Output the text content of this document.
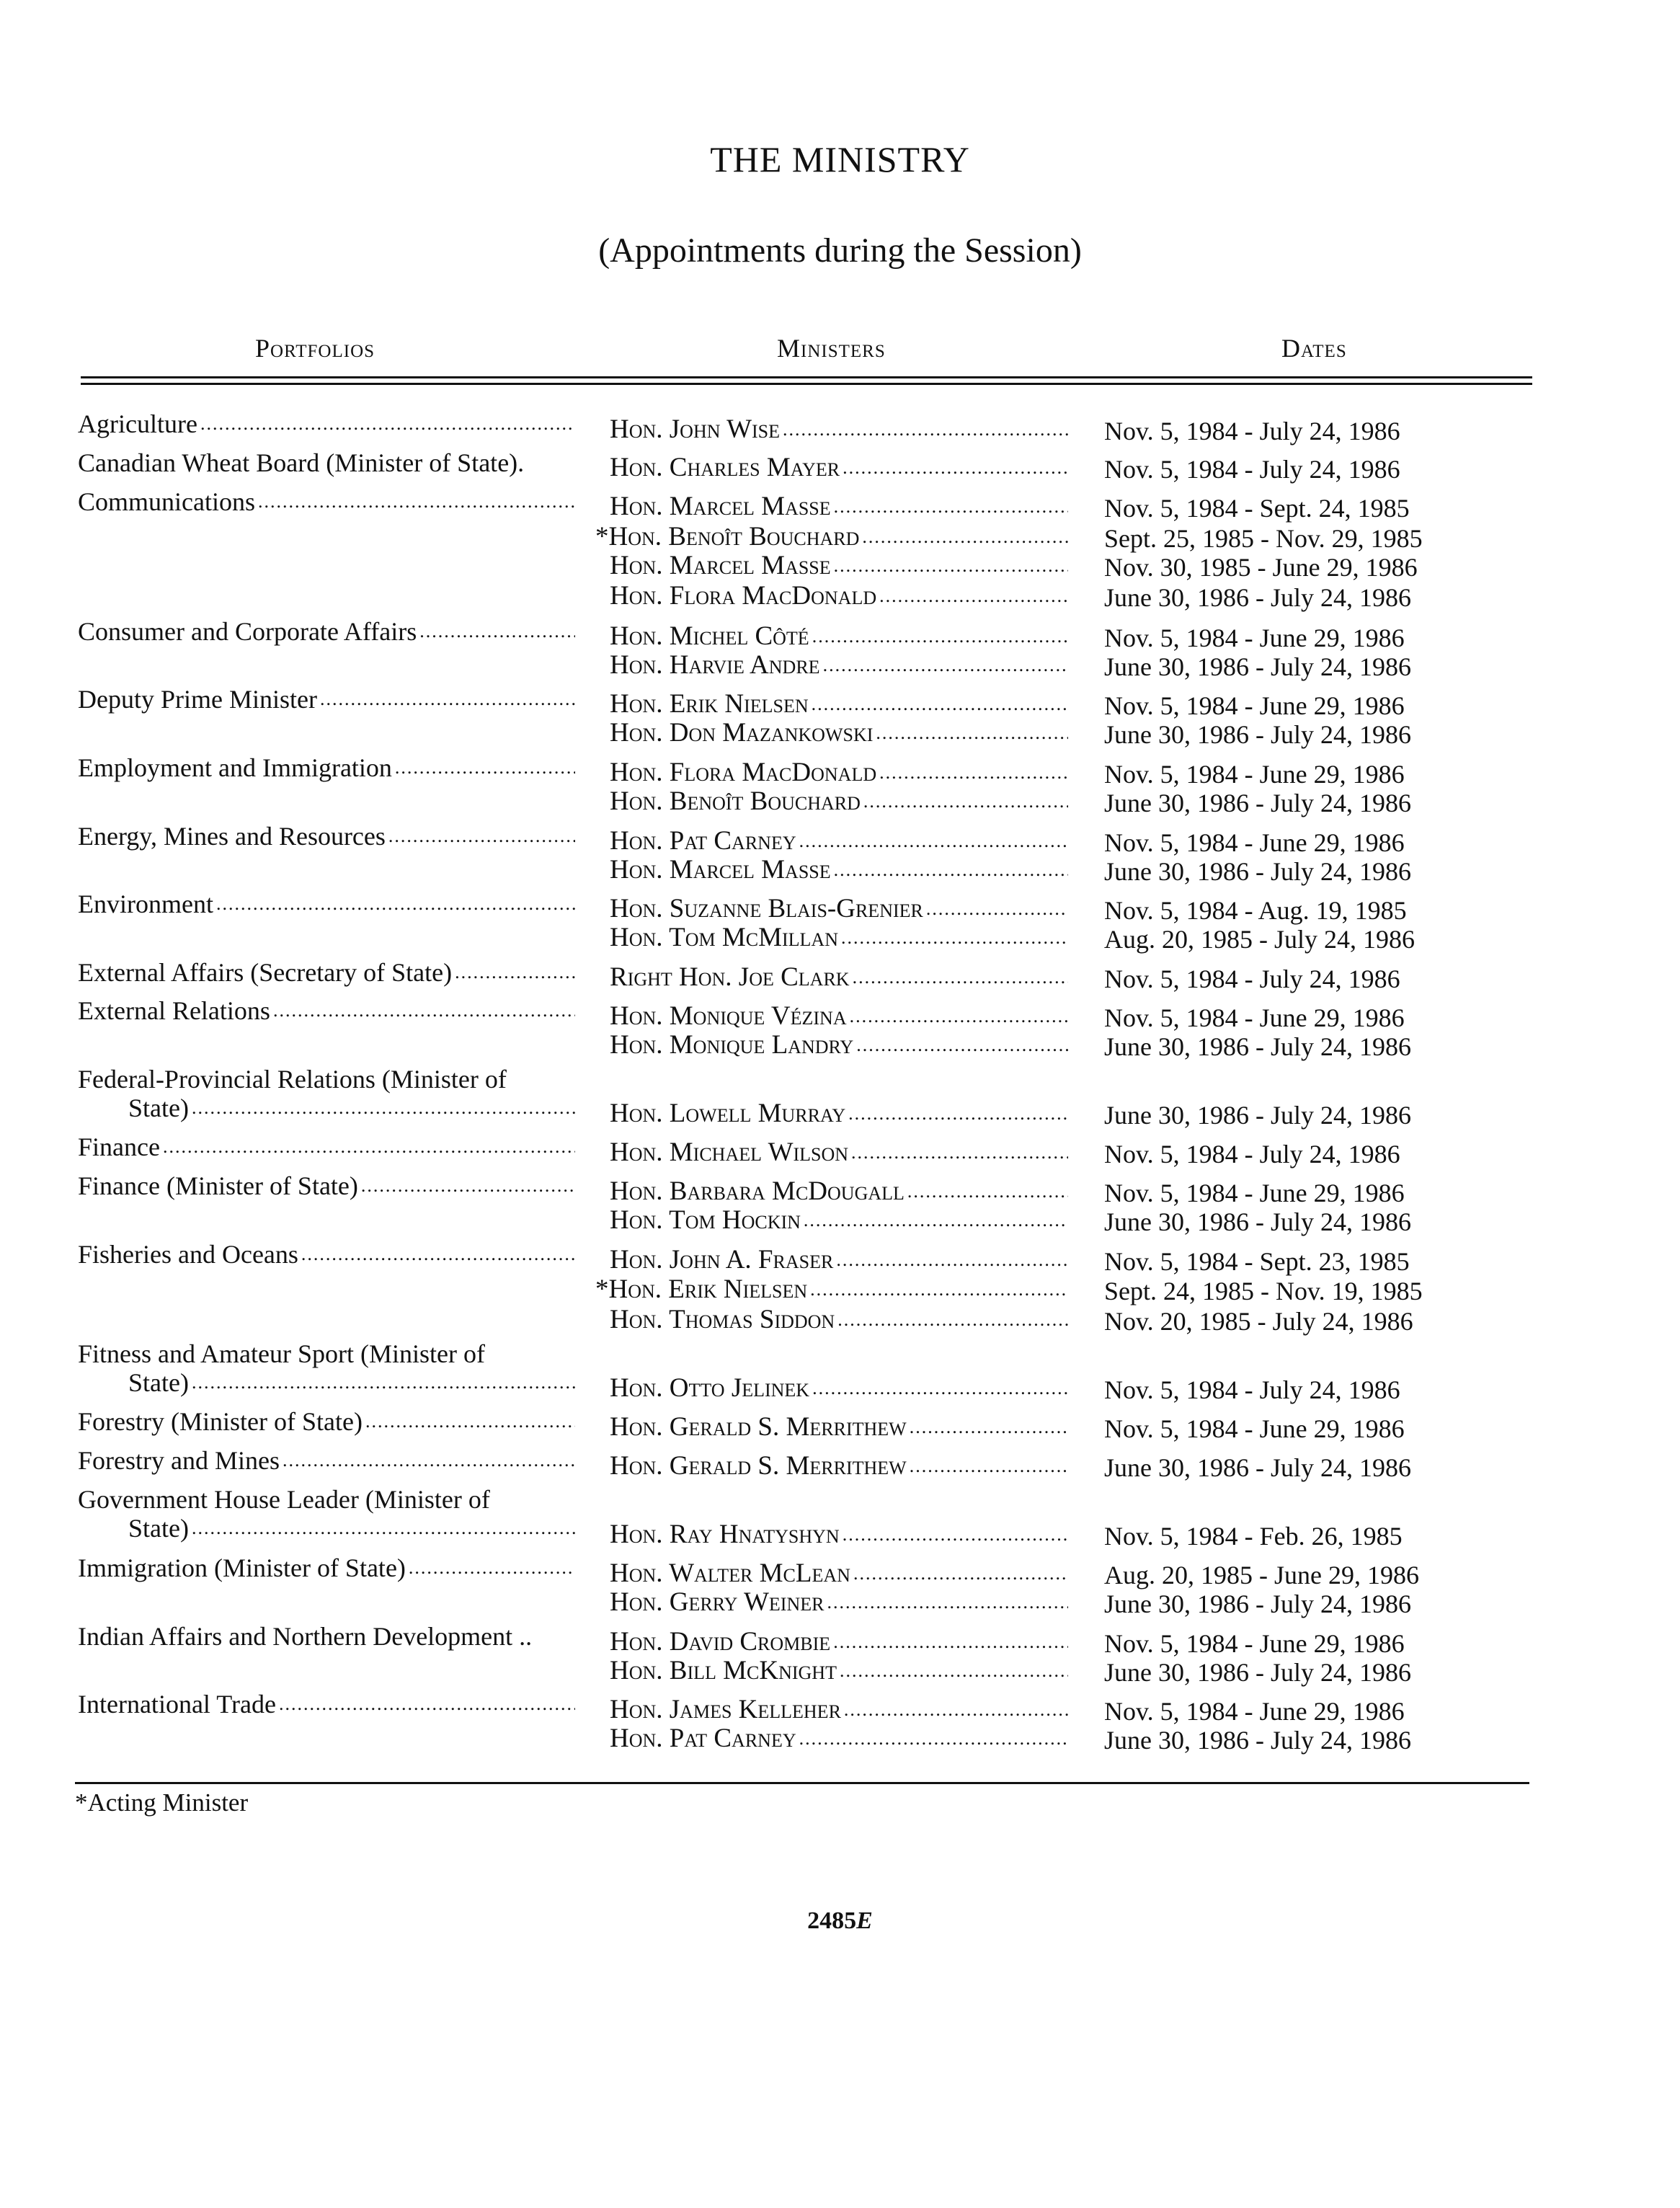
THE MINISTRY
(Appointments during the Session)
Portfolios	Ministers	Dates
Agriculture
.....
Canadian Wheat Board (Minister of State).
Communications
.....
Consumer and Corporate Affairs
.....
Deputy Prime Minister
.....
Employment and Immigration
.....
Energy, Mines and Resources
.....
Environment
.....
External Affairs (Secretary of State)
.....
External Relations
.....
Federal-Provincial Relations (Minister of
State)
.....
Finance
.....
Finance (Minister of State)
.....
Fisheries and Oceans
.....
Fitness and Amateur Sport (Minister of
State)
.....
Forestry (Minister of State)
.....
Forestry and Mines
.....
Government House Leader (Minister of
State)
.....
Immigration (Minister of State)
.....
Indian Affairs and Northern Development ..
International Trade
.....
Hon. John Wise
.....
Hon. Charles Mayer
.....
Hon. Marcel Masse
.....
*Hon. Benoît Bouchard
.....
Hon. Marcel Masse
.....
Hon. Flora MacDonald
.....
Hon. Michel Côté
.....
Hon. Harvie Andre
.....
Hon. Erik Nielsen
.....
Hon. Don Mazankowski
.....
Hon. Flora MacDonald
.....
Hon. Benoît Bouchard
.....
Hon. Pat Carney
.....
Hon. Marcel Masse
.....
Hon. Suzanne Blais-Grenier
.....
Hon. Tom McMillan
.....
Right Hon. Joe Clark
.....
Hon. Monique Vézina
.....
Hon. Monique Landry
.....
Hon. Lowell Murray
.....
Hon. Michael Wilson
.....
Hon. Barbara McDougall
.....
Hon. Tom Hockin
.....
Hon. John A. Fraser
.....
*Hon. Erik Nielsen
.....
Hon. Thomas Siddon
.....
Hon. Otto Jelinek
.....
Hon. Gerald S. Merrithew
.....
Hon. Gerald S. Merrithew
.....
Hon. Ray Hnatyshyn
.....
Hon. Walter McLean
.....
Hon. Gerry Weiner
.....
Hon. David Crombie
.....
Hon. Bill McKnight
.....
Hon. James Kelleher
.....
Hon. Pat Carney
.....
Nov. 5, 1984 - July 24, 1986
Nov. 5, 1984 - July 24, 1986
Nov. 5, 1984 - Sept. 24, 1985
Sept. 25, 1985 - Nov. 29, 1985
Nov. 30, 1985 - June 29, 1986
June 30, 1986 - July 24, 1986
Nov. 5, 1984 - June 29, 1986
June 30, 1986 - July 24, 1986
Nov. 5, 1984 - June 29, 1986
June 30, 1986 - July 24, 1986
Nov. 5, 1984 - June 29, 1986
June 30, 1986 - July 24, 1986
Nov. 5, 1984 - June 29, 1986
June 30, 1986 - July 24, 1986
Nov. 5, 1984 - Aug. 19, 1985
Aug. 20, 1985 - July 24, 1986
Nov. 5, 1984 - July 24, 1986
Nov. 5, 1984 - June 29, 1986
June 30, 1986 - July 24, 1986
June 30, 1986 - July 24, 1986
Nov. 5, 1984 - July 24, 1986
Nov. 5, 1984 - June 29, 1986
June 30, 1986 - July 24, 1986
Nov. 5, 1984 - Sept. 23, 1985
Sept. 24, 1985 - Nov. 19, 1985
Nov. 20, 1985 - July 24, 1986
Nov. 5, 1984 - July 24, 1986
Nov. 5, 1984 - June 29, 1986
June 30, 1986 - July 24, 1986
Nov. 5, 1984 - Feb. 26, 1985
Aug. 20, 1985 - June 29, 1986
June 30, 1986 - July 24, 1986
Nov. 5, 1984 - June 29, 1986
June 30, 1986 - July 24, 1986
Nov. 5, 1984 - June 29, 1986
June 30, 1986 - July 24, 1986
*Acting Minister
2485E
